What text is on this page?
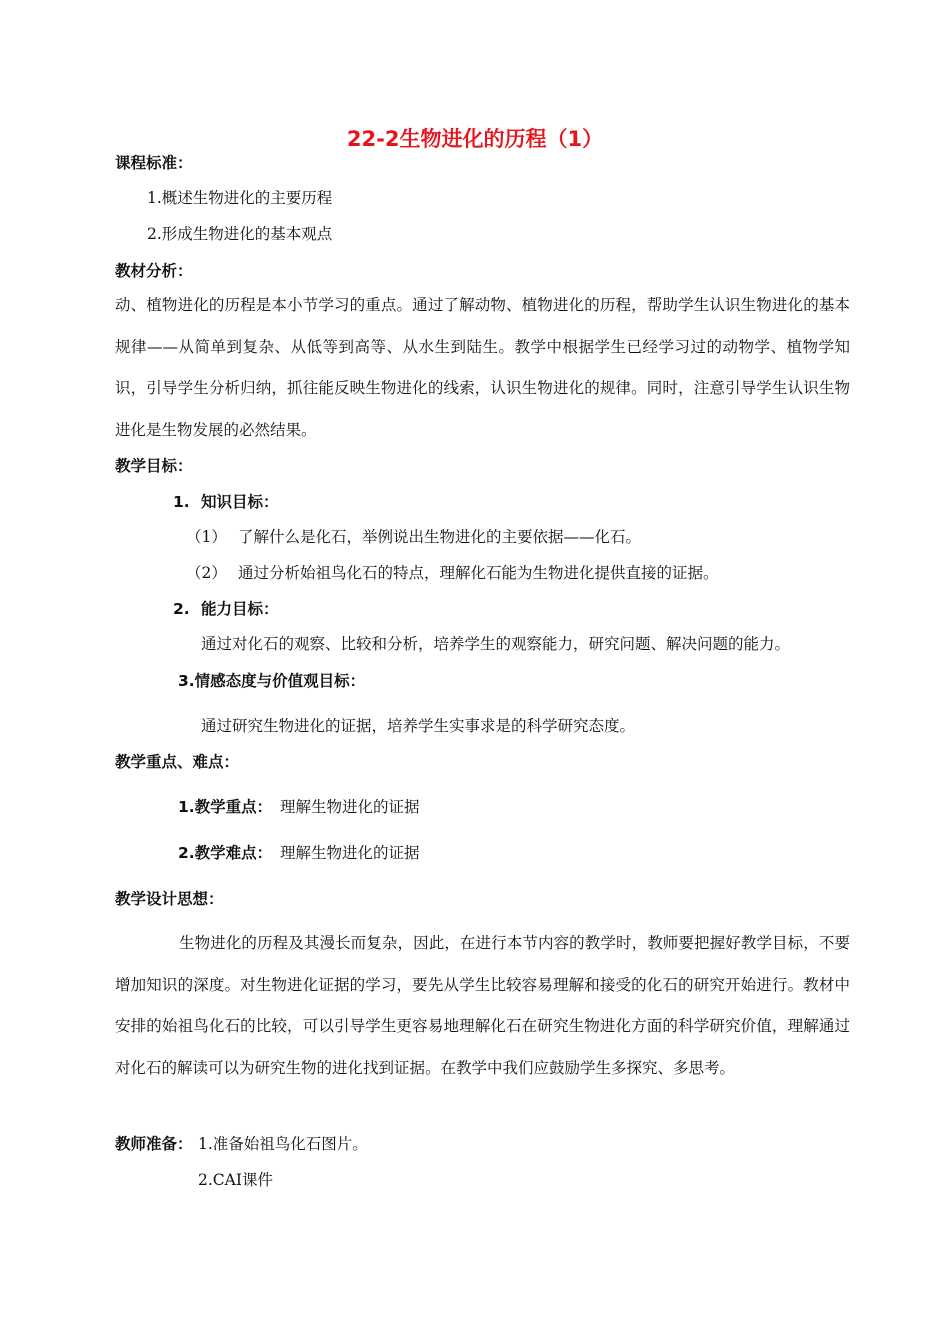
22-2生物进化的历程（1）
课程标准：
1.概述生物进化的主要历程
2.形成生物进化的基本观点
教材分析：
动、植物进化的历程是本小节学习的重点。通过了解动物、植物进化的历程，帮助学生认识生物进化的基本规律——从简单到复杂、从低等到高等、从水生到陆生。教学中根据学生已经学习过的动物学、植物学知识，引导学生分析归纳，抓往能反映生物进化的线索，认识生物进化的规律。同时，注意引导学生认识生物进化是生物发展的必然结果。
教学目标：
1. 知识目标：
（1） 了解什么是化石，举例说出生物进化的主要依据——化石。
（2） 通过分析始祖鸟化石的特点，理解化石能为生物进化提供直接的证据。
2. 能力目标：
通过对化石的观察、比较和分析，培养学生的观察能力，研究问题、解决问题的能力。
3.情感态度与价值观目标：
通过研究生物进化的证据，培养学生实事求是的科学研究态度。
教学重点、难点：
1.教学重点： 理解生物进化的证据
2.教学难点： 理解生物进化的证据
教学设计思想：
生物进化的历程及其漫长而复杂，因此，在进行本节内容的教学时，教师要把握好教学目标，不要增加知识的深度。对生物进化证据的学习，要先从学生比较容易理解和接受的化石的研究开始进行。教材中安排的始祖鸟化石的比较，可以引导学生更容易地理解化石在研究生物进化方面的科学研究价值，理解通过对化石的解读可以为研究生物的进化找到证据。在教学中我们应鼓励学生多探究、多思考。
教师准备： 1.准备始祖鸟化石图片。
2.CAI课件
